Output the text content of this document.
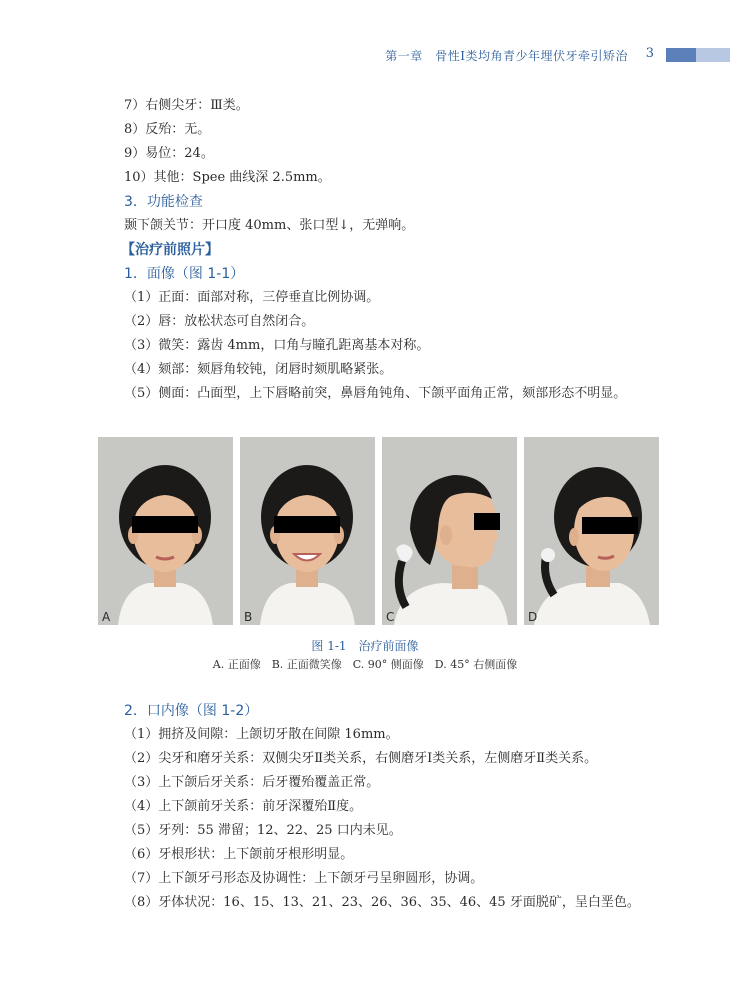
第一章　骨性Ⅰ类均角青少年埋伏牙牵引矫治 3
7）右侧尖牙：Ⅲ类。
8）反殆：无。
9）易位：24。
10）其他：Spee 曲线深 2.5mm。
3．功能检查
颞下颌关节：开口度 40mm、张口型↓，无弹响。
【治疗前照片】
1．面像（图 1-1）
（1）正面：面部对称，三停垂直比例协调。
（2）唇：放松状态可自然闭合。
（3）微笑：露齿 4mm，口角与瞳孔距离基本对称。
（4）颏部：颏唇角较钝，闭唇时颏肌略紧张。
（5）侧面：凸面型，上下唇略前突，鼻唇角钝角、下颌平面角正常，颏部形态不明显。
A	B	C	D
图 1-1　治疗前面像
A. 正面像　B. 正面微笑像　C. 90° 侧面像　D. 45° 右侧面像
2．口内像（图 1-2）
（1）拥挤及间隙：上颌切牙散在间隙 16mm。
（2）尖牙和磨牙关系：双侧尖牙Ⅱ类关系，右侧磨牙Ⅰ类关系，左侧磨牙Ⅱ类关系。
（3）上下颌后牙关系：后牙覆殆覆盖正常。
（4）上下颌前牙关系：前牙深覆殆Ⅱ度。
（5）牙列：55 滞留；12、22、25 口内未见。
（6）牙根形状：上下颌前牙根形明显。
（7）上下颌牙弓形态及协调性：上下颌牙弓呈卵圆形，协调。
（8）牙体状况：16、15、13、21、23、26、36、35、46、45 牙面脱矿，呈白垩色。
